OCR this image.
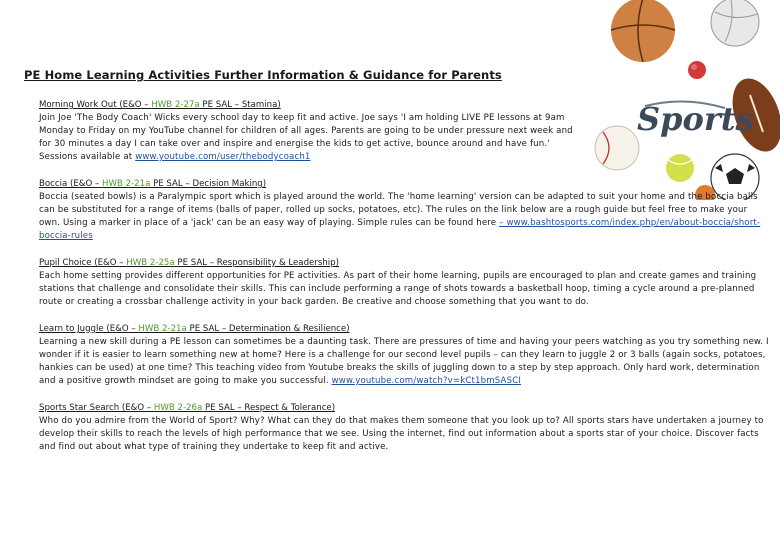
PE Home Learning Activities Further Information & Guidance for Parents
Sports
Morning Work Out (E&O – HWB 2-27a PE SAL – Stamina)
Join Joe 'The Body Coach' Wicks every school day to keep fit and active. Joe says 'I am holding LIVE PE lessons at 9am Monday to Friday on my YouTube channel for children of all ages. Parents are going to be under pressure next week and for 30 minutes a day I can take over and inspire and energise the kids to get active, bounce around and have fun.' Sessions available at www.youtube.com/user/thebodycoach1
Boccia (E&O – HWB 2-21a PE SAL – Decision Making)
Boccia (seated bowls) is a Paralympic sport which is played around the world. The 'home learning' version can be adapted to suit your home and the boccia balls can be substituted for a range of items (balls of paper, rolled up socks, potatoes, etc). The rules on the link below are a rough guide but feel free to make your own. Using a marker in place of a 'jack' can be an easy way of playing. Simple rules can be found here – www.bashtosports.com/index.php/en/about-boccia/short-boccia-rules
Pupil Choice (E&O – HWB 2-25a PE SAL – Responsibility & Leadership)
Each home setting provides different opportunities for PE activities. As part of their home learning, pupils are encouraged to plan and create games and training stations that challenge and consolidate their skills. This can include performing a range of shots towards a basketball hoop, timing a cycle around a pre-planned route or creating a crossbar challenge activity in your back garden. Be creative and choose something that you want to do.
Learn to Juggle (E&O – HWB 2-21a PE SAL – Determination & Resilience)
Learning a new skill during a PE lesson can sometimes be a daunting task. There are pressures of time and having your peers watching as you try something new. I wonder if it is easier to learn something new at home? Here is a challenge for our second level pupils – can they learn to juggle 2 or 3 balls (again socks, potatoes, hankies can be used) at one time? This teaching video from Youtube breaks the skills of juggling down to a step by step approach. Only hard work, determination and a positive growth mindset are going to make you successful. www.youtube.com/watch?v=kCt1bmSASCI
Sports Star Search (E&O – HWB 2-26a PE SAL – Respect & Tolerance)
Who do you admire from the World of Sport? Why? What can they do that makes them someone that you look up to? All sports stars have undertaken a journey to develop their skills to reach the levels of high performance that we see. Using the internet, find out information about a sports star of your choice. Discover facts and find out about what type of training they undertake to keep fit and active.
